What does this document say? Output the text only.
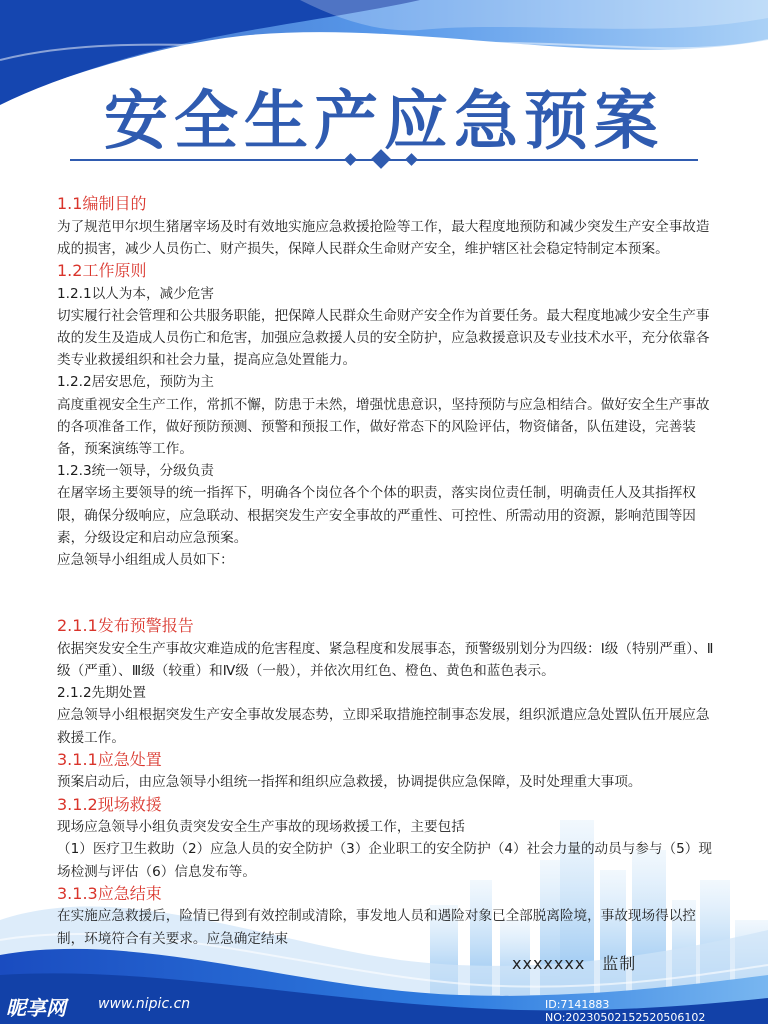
安全生产应急预案
1.1编制目的
为了规范甲尔坝生猪屠宰场及时有效地实施应急救援抢险等工作，最大程度地预防和减少突发生产安全事故造成的损害，减少人员伤亡、财产损失，保障人民群众生命财产安全，维护辖区社会稳定特制定本预案。
1.2工作原则
1.2.1以人为本，减少危害
切实履行社会管理和公共服务职能，把保障人民群众生命财产安全作为首要任务。最大程度地减少安全生产事故的发生及造成人员伤亡和危害，加强应急救援人员的安全防护，应急救援意识及专业技术水平，充分依靠各类专业救援组织和社会力量，提高应急处置能力。
1.2.2居安思危，预防为主
高度重视安全生产工作，常抓不懈，防患于未然，增强忧患意识，坚持预防与应急相结合。做好安全生产事故的各项准备工作，做好预防预测、预警和预报工作，做好常态下的风险评估，物资储备，队伍建设，完善装备，预案演练等工作。
1.2.3统一领导，分级负责
在屠宰场主要领导的统一指挥下，明确各个岗位各个个体的职责，落实岗位责任制，明确责任人及其指挥权限，确保分级响应，应急联动、根据突发生产安全事故的严重性、可控性、所需动用的资源，影响范围等因素，分级设定和启动应急预案。
应急领导小组组成人员如下：
2.1.1发布预警报告
依据突发安全生产事故灾难造成的危害程度、紧急程度和发展事态，预警级别划分为四级：Ⅰ级（特别严重）、Ⅱ级（严重）、Ⅲ级（较重）和Ⅳ级（一般），并依次用红色、橙色、黄色和蓝色表示。
2.1.2先期处置
应急领导小组根据突发生产安全事故发展态势，立即采取措施控制事态发展，组织派遣应急处置队伍开展应急救援工作。
3.1.1应急处置
预案启动后，由应急领导小组统一指挥和组织应急救援，协调提供应急保障，及时处理重大事项。
3.1.2现场救援
现场应急领导小组负责突发安全生产事故的现场救援工作，主要包括
（1）医疗卫生救助（2）应急人员的安全防护（3）企业职工的安全防护（4）社会力量的动员与参与（5）现场检测与评估（6）信息发布等。
3.1.3应急结束
在实施应急救援后，险情已得到有效控制或清除，事发地人员和遇险对象已全部脱离险境，事故现场得以控制，环境符合有关要求。应急确定结束
xxxxxxx　监制
昵享网 www.nipic.cn	ID:7141883 NO:20230502152520506102
